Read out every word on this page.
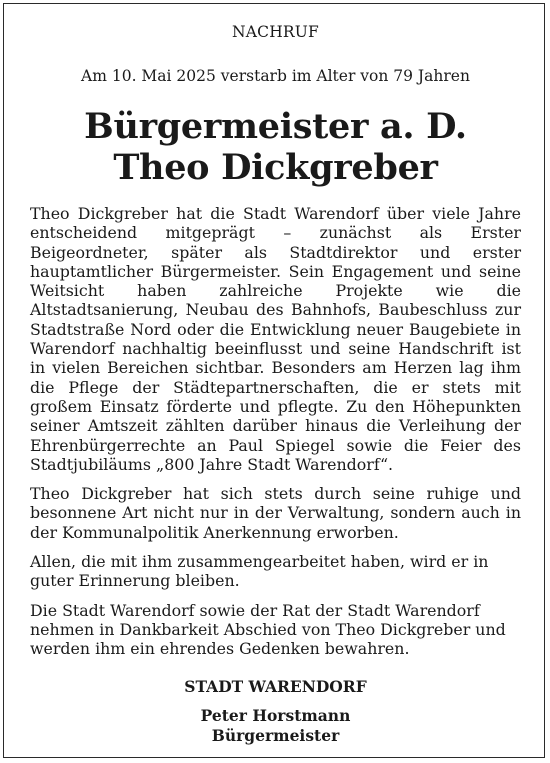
NACHRUF

Am 10. Mai 2025 verstarb im Alter von 79 Jahren

Bürgermeister a. D.
Theo Dickgreber

Theo Dickgreber hat die Stadt Warendorf über viele Jahre entscheidend mitgeprägt – zunächst als Erster Beigeordneter, später als Stadtdirektor und erster hauptamtlicher Bürgermeister. Sein Engagement und seine Weitsicht haben zahlreiche Projekte wie die Altstadtsanierung, Neubau des Bahnhofs, Baubeschluss zur Stadtstraße Nord oder die Entwicklung neuer Baugebiete in Warendorf nachhaltig beeinflusst und seine Handschrift ist in vielen Bereichen sichtbar. Besonders am Herzen lag ihm die Pflege der Städtepartnerschaften, die er stets mit großem Einsatz förderte und pflegte. Zu den Höhepunkten seiner Amtszeit zählten darüber hinaus die Verleihung der Ehrenbürgerrechte an Paul Spiegel sowie die Feier des Stadtjubiläums „800 Jahre Stadt Warendorf“.

Theo Dickgreber hat sich stets durch seine ruhige und besonnene Art nicht nur in der Verwaltung, sondern auch in der Kommunalpolitik Anerkennung erworben.

Allen, die mit ihm zusammengearbeitet haben, wird er in guter Erinnerung bleiben.

Die Stadt Warendorf sowie der Rat der Stadt Warendorf nehmen in Dankbarkeit Abschied von Theo Dickgreber und werden ihm ein ehrendes Gedenken bewahren.

STADT WARENDORF

Peter Horstmann

Bürgermeister
